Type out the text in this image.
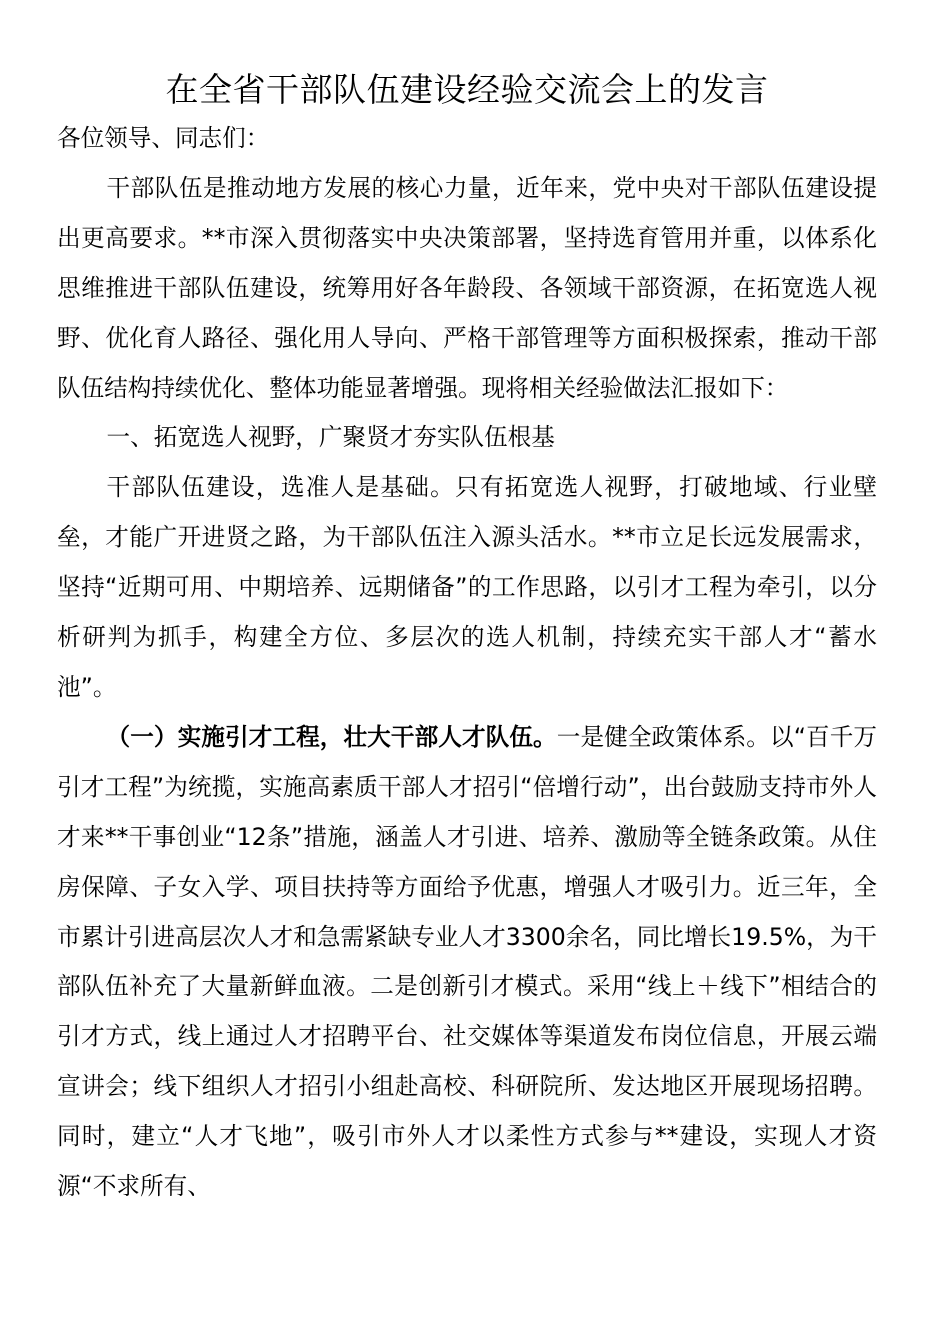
在全省干部队伍建设经验交流会上的发言

各位领导、同志们：

干部队伍是推动地方发展的核心力量，近年来，党中央对干部队伍建设提出更高要求。**市深入贯彻落实中央决策部署，坚持选育管用并重，以体系化思维推进干部队伍建设，统筹用好各年龄段、各领域干部资源，在拓宽选人视野、优化育人路径、强化用人导向、严格干部管理等方面积极探索，推动干部队伍结构持续优化、整体功能显著增强。现将相关经验做法汇报如下：

一、拓宽选人视野，广聚贤才夯实队伍根基

干部队伍建设，选准人是基础。只有拓宽选人视野，打破地域、行业壁垒，才能广开进贤之路，为干部队伍注入源头活水。**市立足长远发展需求，坚持“近期可用、中期培养、远期储备”的工作思路，以引才工程为牵引，以分析研判为抓手，构建全方位、多层次的选人机制，持续充实干部人才“蓄水池”。

（一）实施引才工程，壮大干部人才队伍。一是健全政策体系。以“百千万引才工程”为统揽，实施高素质干部人才招引“倍增行动”，出台鼓励支持市外人才来**干事创业“12条”措施，涵盖人才引进、培养、激励等全链条政策。从住房保障、子女入学、项目扶持等方面给予优惠，增强人才吸引力。近三年，全市累计引进高层次人才和急需紧缺专业人才3300余名，同比增长19.5%，为干部队伍补充了大量新鲜血液。二是创新引才模式。采用“线上＋线下”相结合的引才方式，线上通过人才招聘平台、社交媒体等渠道发布岗位信息，开展云端宣讲会；线下组织人才招引小组赴高校、科研院所、发达地区开展现场招聘。同时，建立“人才飞地”，吸引市外人才以柔性方式参与**建设，实现人才资源“不求所有、
